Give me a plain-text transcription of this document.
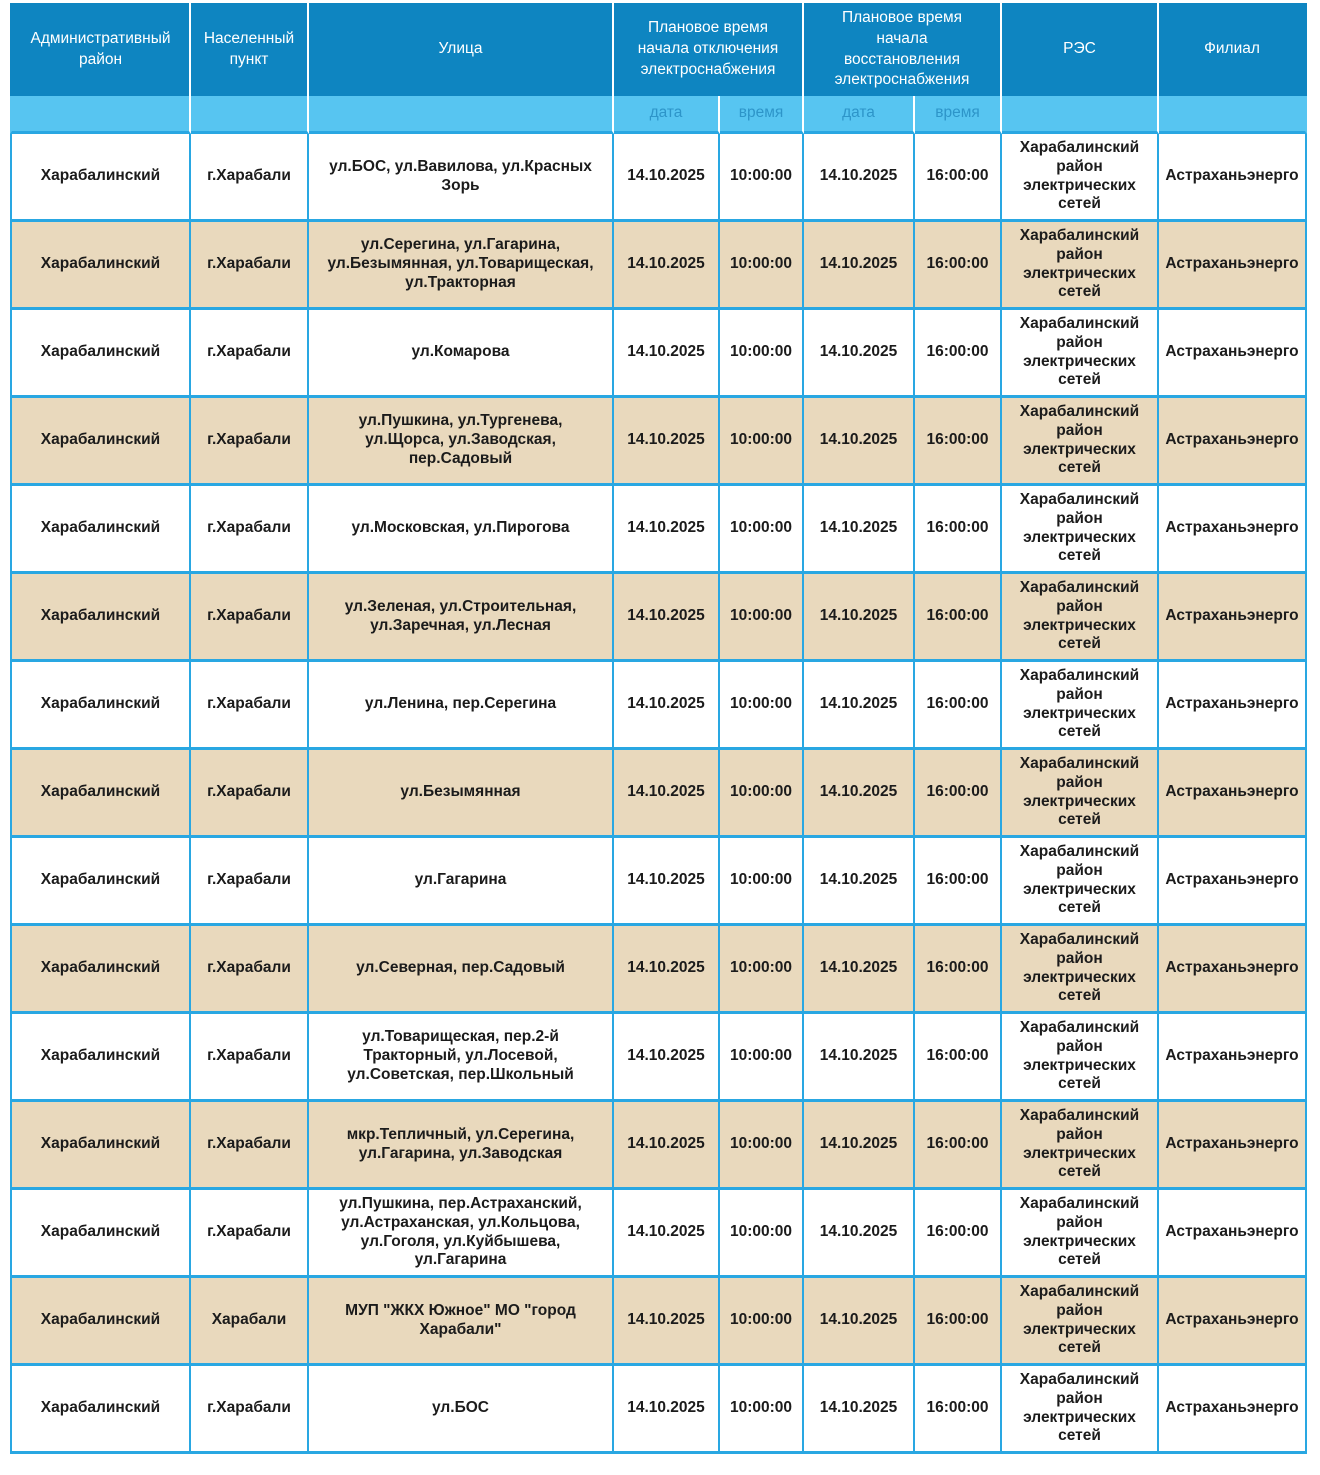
Административный район	Населенный пункт	Улица	Плановое время начала отключения электроснабжения		Плановое время начала восстановления электроснабжения		РЭС	Филиал
			дата	время	дата	время		
Харабалинский	г.Харабали	ул.БОС, ул.Вавилова, ул.Красных Зорь	14.10.2025	10:00:00	14.10.2025	16:00:00	Харабалинский район электрических сетей	Астраханьэнерго
Харабалинский	г.Харабали	ул.Серегина, ул.Гагарина, ул.Безымянная, ул.Товарищеская, ул.Тракторная	14.10.2025	10:00:00	14.10.2025	16:00:00	Харабалинский район электрических сетей	Астраханьэнерго
Харабалинский	г.Харабали	ул.Комарова	14.10.2025	10:00:00	14.10.2025	16:00:00	Харабалинский район электрических сетей	Астраханьэнерго
Харабалинский	г.Харабали	ул.Пушкина, ул.Тургенева, ул.Щорса, ул.Заводская, пер.Садовый	14.10.2025	10:00:00	14.10.2025	16:00:00	Харабалинский район электрических сетей	Астраханьэнерго
Харабалинский	г.Харабали	ул.Московская, ул.Пирогова	14.10.2025	10:00:00	14.10.2025	16:00:00	Харабалинский район электрических сетей	Астраханьэнерго
Харабалинский	г.Харабали	ул.Зеленая, ул.Строительная, ул.Заречная, ул.Лесная	14.10.2025	10:00:00	14.10.2025	16:00:00	Харабалинский район электрических сетей	Астраханьэнерго
Харабалинский	г.Харабали	ул.Ленина, пер.Серегина	14.10.2025	10:00:00	14.10.2025	16:00:00	Харабалинский район электрических сетей	Астраханьэнерго
Харабалинский	г.Харабали	ул.Безымянная	14.10.2025	10:00:00	14.10.2025	16:00:00	Харабалинский район электрических сетей	Астраханьэнерго
Харабалинский	г.Харабали	ул.Гагарина	14.10.2025	10:00:00	14.10.2025	16:00:00	Харабалинский район электрических сетей	Астраханьэнерго
Харабалинский	г.Харабали	ул.Северная, пер.Садовый	14.10.2025	10:00:00	14.10.2025	16:00:00	Харабалинский район электрических сетей	Астраханьэнерго
Харабалинский	г.Харабали	ул.Товарищеская, пер.2-й Тракторный, ул.Лосевой, ул.Советская, пер.Школьный	14.10.2025	10:00:00	14.10.2025	16:00:00	Харабалинский район электрических сетей	Астраханьэнерго
Харабалинский	г.Харабали	мкр.Тепличный, ул.Серегина, ул.Гагарина, ул.Заводская	14.10.2025	10:00:00	14.10.2025	16:00:00	Харабалинский район электрических сетей	Астраханьэнерго
Харабалинский	г.Харабали	ул.Пушкина, пер.Астраханский, ул.Астраханская, ул.Кольцова, ул.Гоголя, ул.Куйбышева, ул.Гагарина	14.10.2025	10:00:00	14.10.2025	16:00:00	Харабалинский район электрических сетей	Астраханьэнерго
Харабалинский	Харабали	МУП "ЖКХ Южное" МО "город Харабали"	14.10.2025	10:00:00	14.10.2025	16:00:00	Харабалинский район электрических сетей	Астраханьэнерго
Харабалинский	г.Харабали	ул.БОС	14.10.2025	10:00:00	14.10.2025	16:00:00	Харабалинский район электрических сетей	Астраханьэнерго
